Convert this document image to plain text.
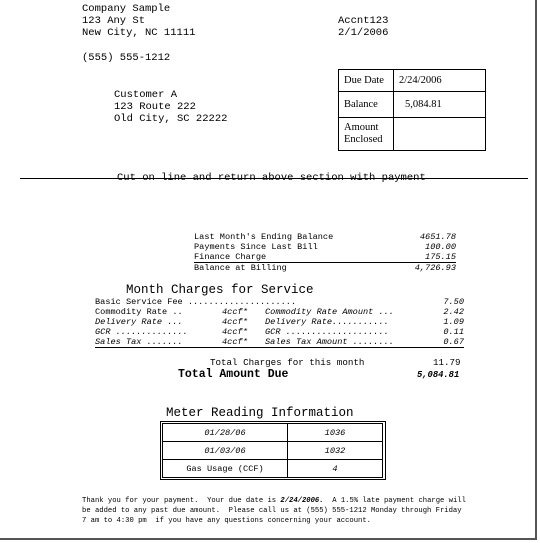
Company Sample
123 Any St
New City, NC 11111
(555) 555-1212
Accnt123
2/1/2006
Customer A
123 Route 222
Old City, SC 22222
Due Date	2/24/2006
Balance	5,084.81

Amount
Enclosed	

Cut on line and return above section with payment
Last Month's Ending Balance	4651.78
Payments Since Last Bill	100.00
Finance Charge	175.15
Balance at Billing	4,726.93
Month Charges for Service
Basic Service Fee .....................	7.50
Commodity Rate ..	4ccf* Commodity Rate Amount ...	2.42
Delivery Rate ...	4ccf* Delivery Rate...........	1.09
GCR ..............	4ccf* GCR ....................	0.11
Sales Tax .......	4ccf* Sales Tax Amount ........	0.67
Total Charges for this month	11.79
Total Amount Due	5,084.81
Meter Reading Information
01/28/06	1036
01/03/06	1032
Gas Usage (CCF)	4
Thank you for your payment.  Your due date is 2/24/2006.  A 1.5% late payment charge will
be added to any past due amount.  Please call us at (555) 555-1212 Monday through Friday
7 am to 4:30 pm  if you have any questions concerning your account.
